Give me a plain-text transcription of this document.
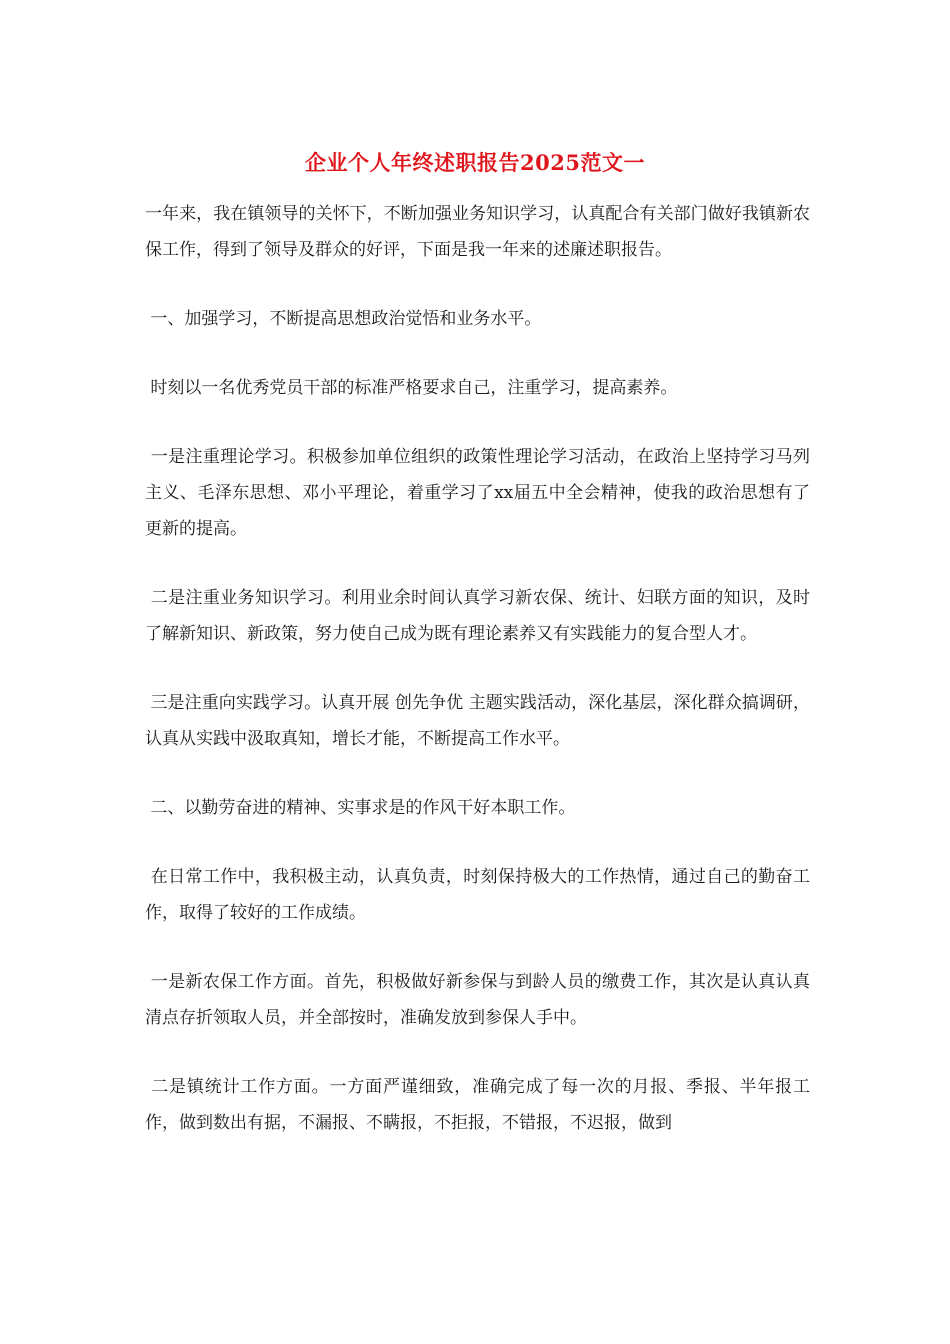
企业个人年终述职报告2025范文一

一年来，我在镇领导的关怀下，不断加强业务知识学习，认真配合有关部门做好我镇新农保工作，得到了领导及群众的好评，下面是我一年来的述廉述职报告。

一、加强学习，不断提高思想政治觉悟和业务水平。

时刻以一名优秀党员干部的标准严格要求自己，注重学习，提高素养。

一是注重理论学习。积极参加单位组织的政策性理论学习活动，在政治上坚持学习马列主义、毛泽东思想、邓小平理论，着重学习了xx届五中全会精神，使我的政治思想有了更新的提高。

二是注重业务知识学习。利用业余时间认真学习新农保、统计、妇联方面的知识，及时了解新知识、新政策，努力使自己成为既有理论素养又有实践能力的复合型人才。

三是注重向实践学习。认真开展 创先争优 主题实践活动，深化基层，深化群众搞调研，认真从实践中汲取真知，增长才能，不断提高工作水平。

二、以勤劳奋进的精神、实事求是的作风干好本职工作。

在日常工作中，我积极主动，认真负责，时刻保持极大的工作热情，通过自己的勤奋工作，取得了较好的工作成绩。

一是新农保工作方面。首先，积极做好新参保与到龄人员的缴费工作，其次是认真认真清点存折领取人员，并全部按时，准确发放到参保人手中。

二是镇统计工作方面。一方面严谨细致，准确完成了每一次的月报、季报、半年报工作，做到数出有据，不漏报、不瞒报，不拒报，不错报，不迟报，做到
